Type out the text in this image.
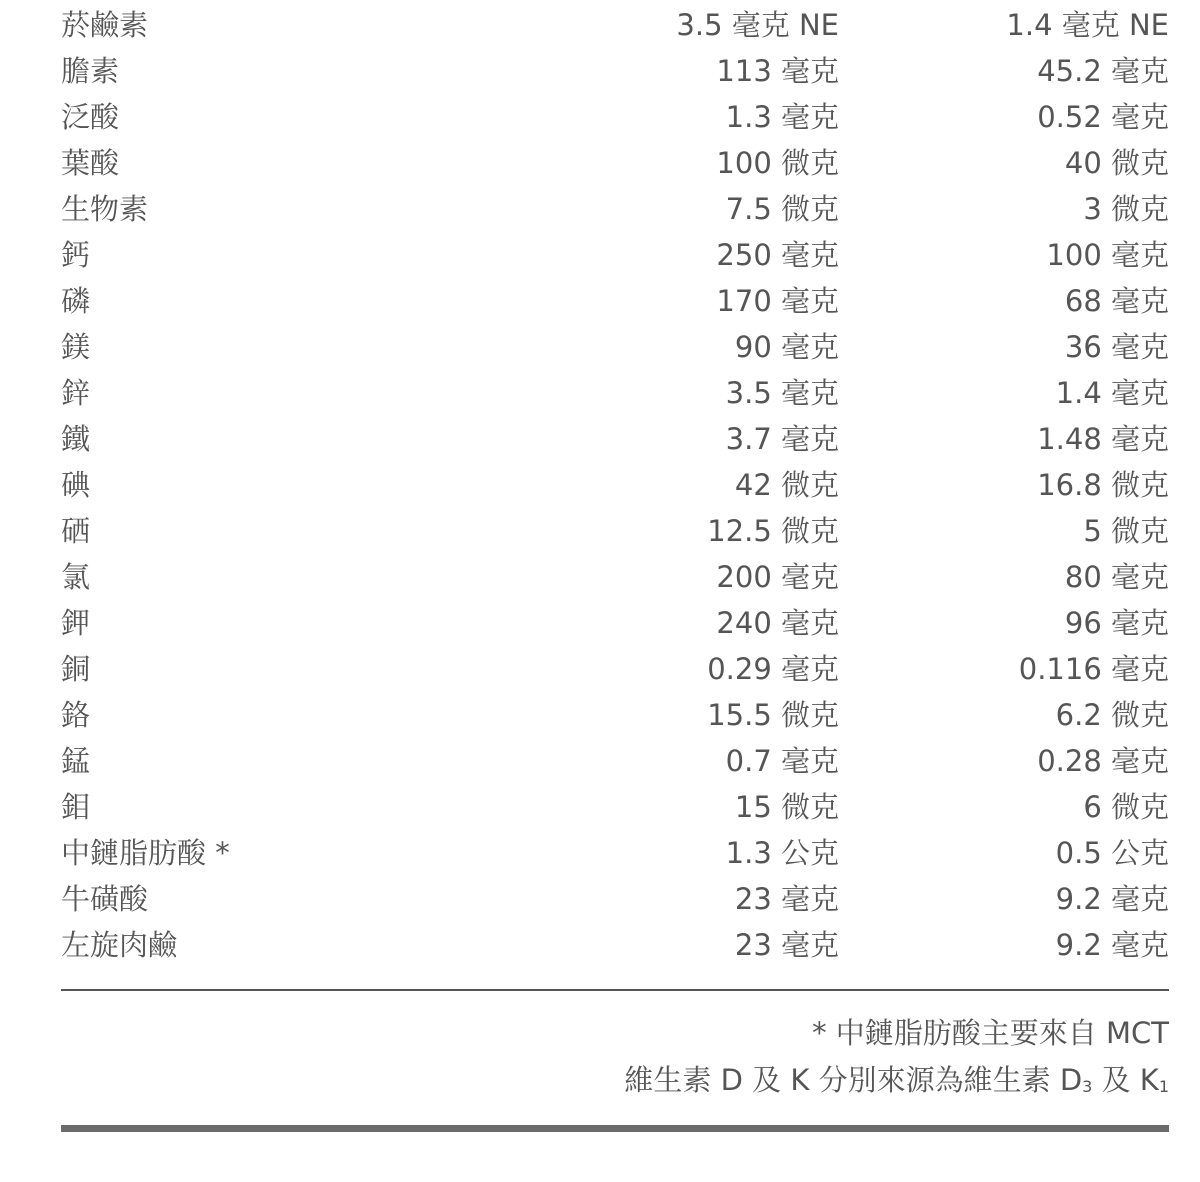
菸鹼素	3.5 毫克 NE	1.4 毫克 NE
膽素	113 毫克	45.2 毫克
泛酸	1.3 毫克	0.52 毫克
葉酸	100 微克	40 微克
生物素	7.5 微克	3 微克
鈣	250 毫克	100 毫克
磷	170 毫克	68 毫克
鎂	90 毫克	36 毫克
鋅	3.5 毫克	1.4 毫克
鐵	3.7 毫克	1.48 毫克
碘	42 微克	16.8 微克
硒	12.5 微克	5 微克
氯	200 毫克	80 毫克
鉀	240 毫克	96 毫克
銅	0.29 毫克	0.116 毫克
鉻	15.5 微克	6.2 微克
錳	0.7 毫克	0.28 毫克
鉬	15 微克	6 微克
中鏈脂肪酸 *	1.3 公克	0.5 公克
牛磺酸	23 毫克	9.2 毫克
左旋肉鹼	23 毫克	9.2 毫克
* 中鏈脂肪酸主要來自 MCT
維生素 D 及 K 分別來源為維生素 $D_3$ 及 $K_1$
